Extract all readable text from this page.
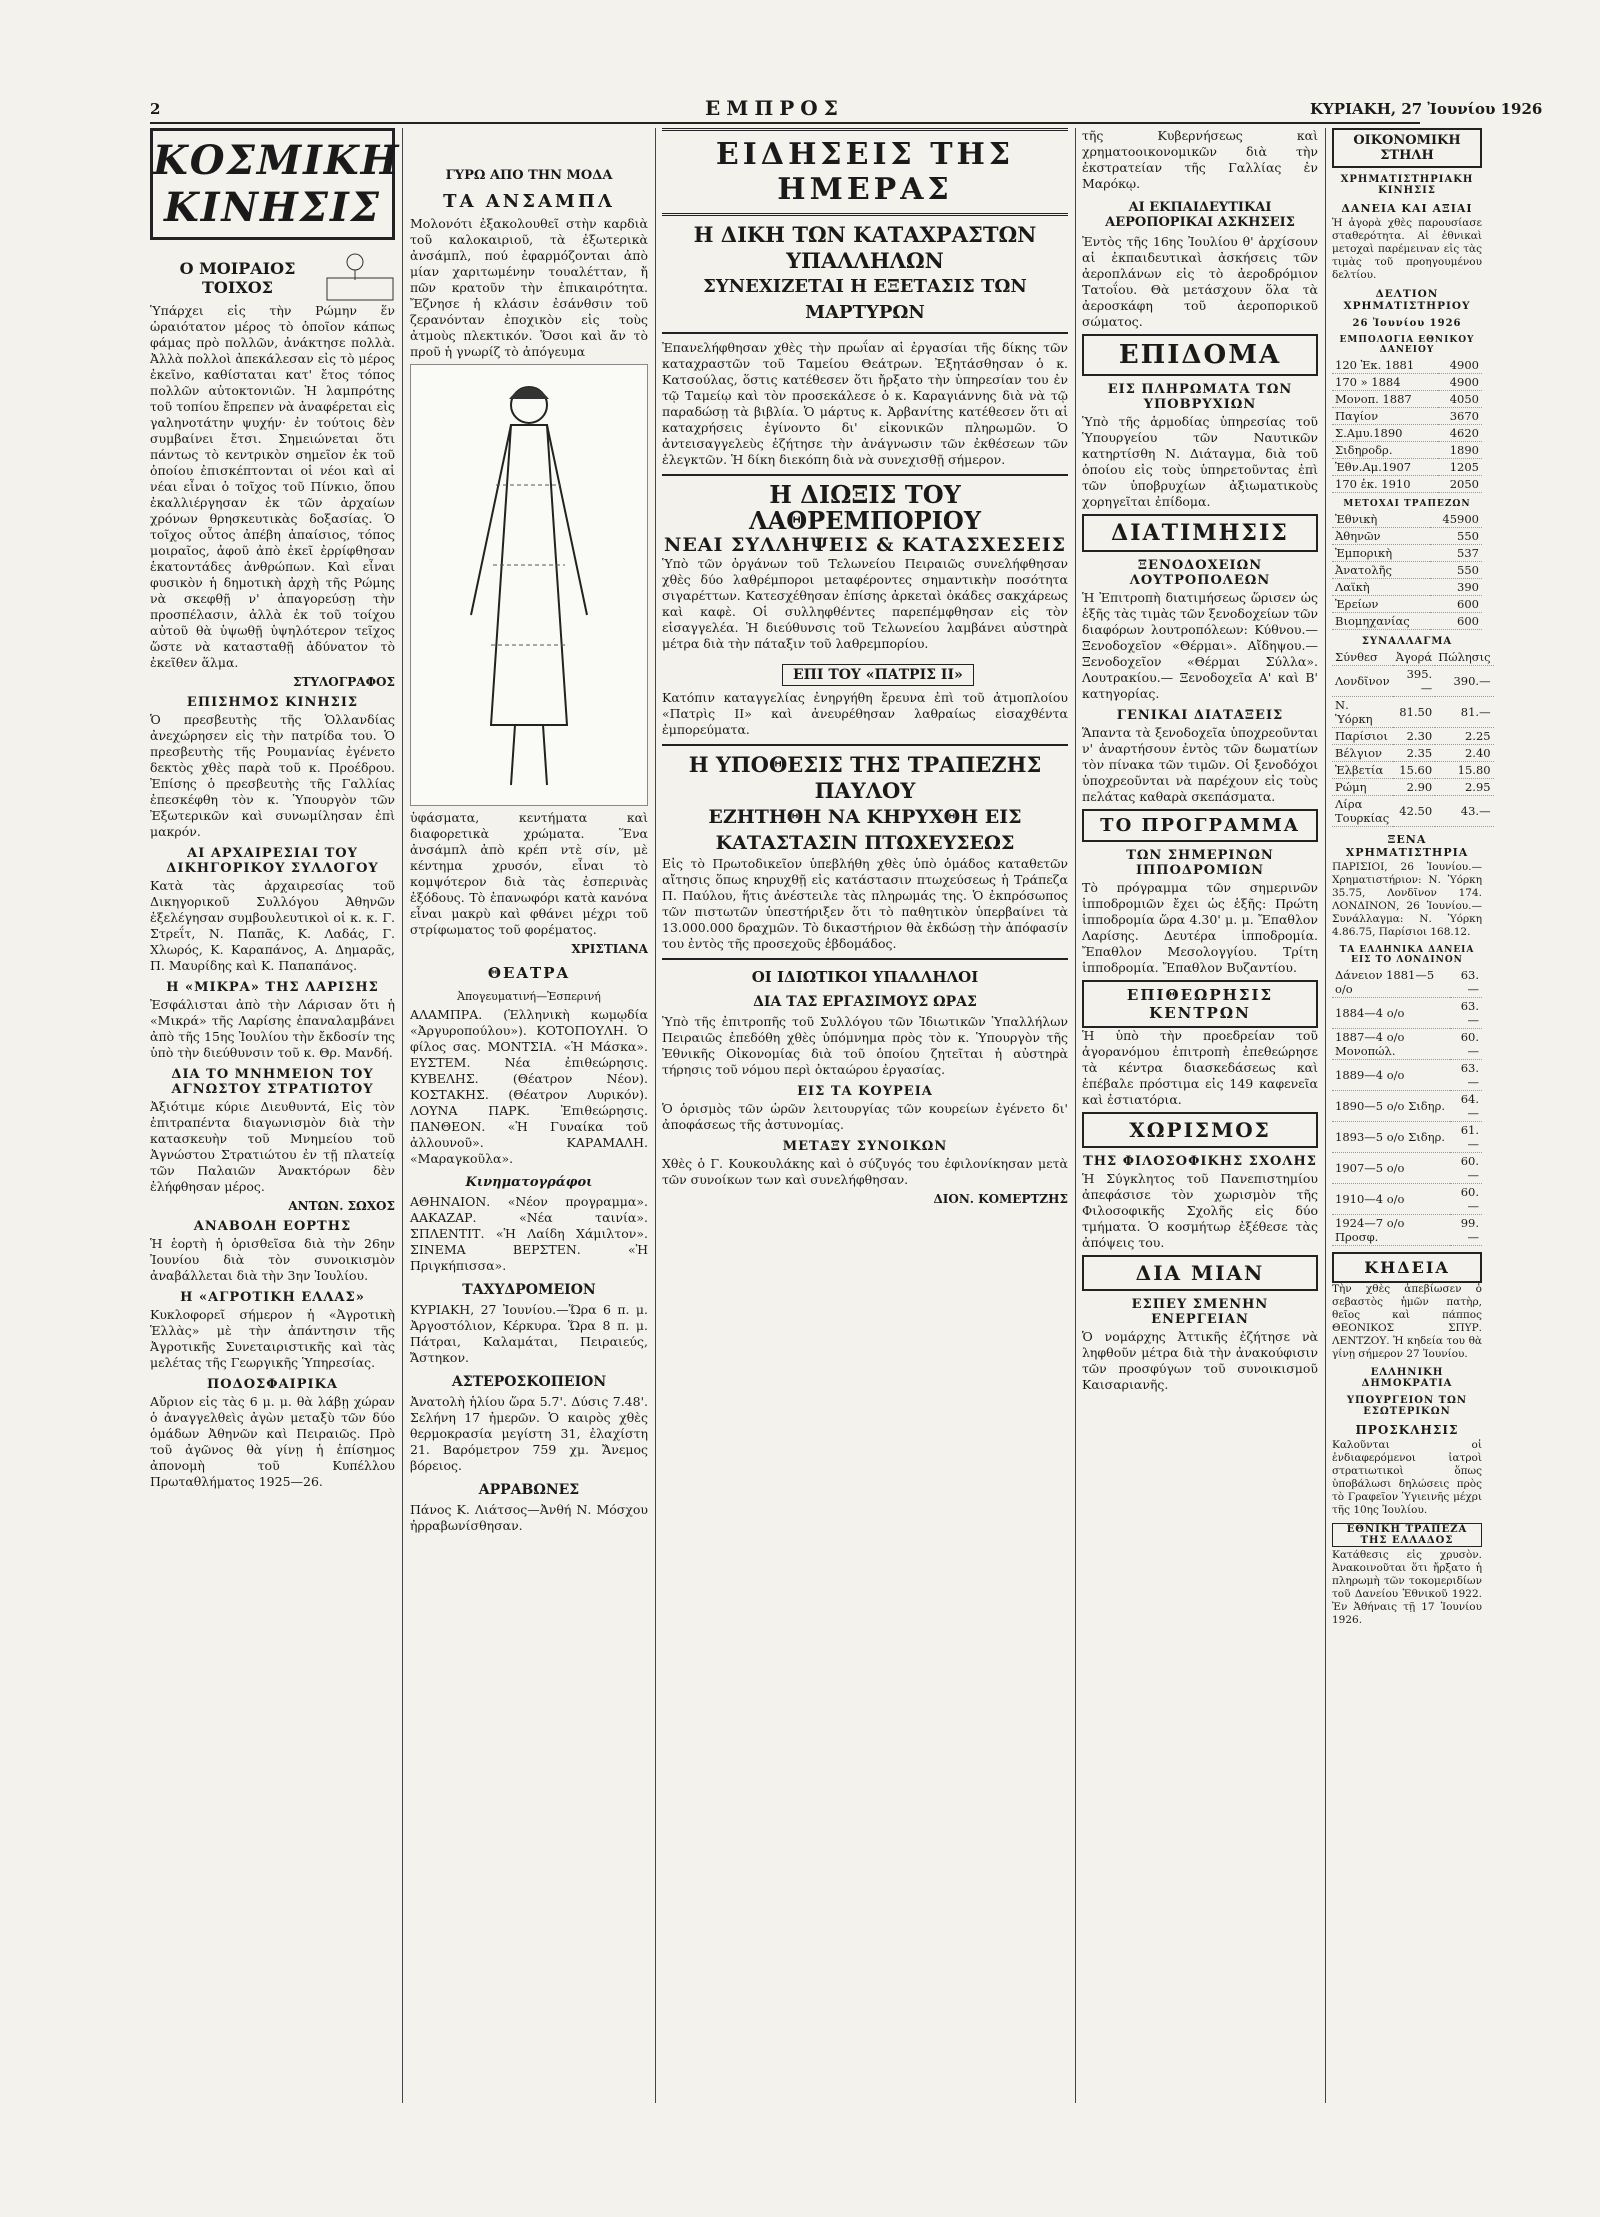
2	ΕΜΠΡΟΣ	ΚΥΡΙΑΚΗ, 27 Ἰουνίου 1926
ΚΟΣΜΙΚΗ ΚΙΝΗΣΙΣ
Ο ΜΟΙΡΑΙΟΣ ΤΟΙΧΟΣ

Ὑπάρχει εἰς τὴν Ρώμην ἕν ὡραιότατον μέρος τὸ ὁποῖον κάπως φάμας πρὸ πολλῶν, ἀνάκτησε πολλὰ. Ἀλλὰ πολλοὶ ἀπεκάλεσαν εἰς τὸ μέρος ἐκεῖνο, καθίσταται κατ' ἔτος τόπος πολλῶν αὐτοκτονιῶν. Ἡ λαμπρότης τοῦ τοπίου ἔπρεπεν νὰ ἀναφέρεται εἰς γαληνοτάτην ψυχήν· ἐν τούτοις δὲν συμβαίνει ἔτσι. Σημειώνεται ὅτι πάντως τὸ κεντρικὸν σημεῖον ἐκ τοῦ ὁποίου ἐπισκέπτονται οἱ νέοι καὶ αἱ νέαι εἶναι ὁ τοῖχος τοῦ Πίνκιο, ὅπου ἐκαλλιέργησαν ἐκ τῶν ἀρχαίων χρόνων θρησκευτικὰς δοξασίας. Ὁ τοῖχος οὗτος ἀπέβη ἀπαίσιος, τόπος μοιραῖος, ἀφοῦ ἀπὸ ἐκεῖ ἐρρίφθησαν ἑκατοντάδες ἀνθρώπων. Καὶ εἶναι φυσικὸν ἡ δημοτικὴ ἀρχὴ τῆς Ρώμης νὰ σκεφθῇ ν' ἀπαγορεύσῃ τὴν προσπέλασιν, ἀλλὰ ἐκ τοῦ τοίχου αὐτοῦ θὰ ὑψωθῇ ὑψηλότερον τεῖχος ὥστε νὰ κατασταθῇ ἀδύνατον τὸ ἐκεῖθεν ἅλμα.

ΣΤΥΛΟΓΡΑΦΟΣ
ΕΠΙΣΗΜΟΣ ΚΙΝΗΣΙΣ

Ὁ πρεσβευτὴς τῆς Ὁλλανδίας ἀνεχώρησεν εἰς τὴν πατρίδα του. Ὁ πρεσβευτὴς τῆς Ρουμανίας ἐγένετο δεκτὸς χθὲς παρὰ τοῦ κ. Προέδρου. Ἐπίσης ὁ πρεσβευτὴς τῆς Γαλλίας ἐπεσκέφθη τὸν κ. Ὑπουργὸν τῶν Ἐξωτερικῶν καὶ συνωμίλησαν ἐπὶ μακρόν.

ΑΙ ΑΡΧΑΙΡΕΣΙΑΙ ΤΟΥ ΔΙΚΗΓΟΡΙΚΟΥ ΣΥΛΛΟΓΟΥ

Κατὰ τὰς ἀρχαιρεσίας τοῦ Δικηγορικοῦ Συλλόγου Ἀθηνῶν ἐξελέγησαν συμβουλευτικοὶ οἱ κ. κ. Γ. Στρεΐτ, Ν. Παπᾶς, Κ. Λαδάς, Γ. Χλωρός, Κ. Καραπάνος, Α. Δημαρᾶς, Π. Μαυρίδης καὶ Κ. Παπαπάνος.

Η «ΜΙΚΡΑ» ΤΗΣ ΛΑΡΙΣΗΣ

Ἐσφάλισται ἀπὸ τὴν Λάρισαν ὅτι ἡ «Μικρά» τῆς Λαρίσης ἐπαναλαμβάνει ἀπὸ τῆς 15ης Ἰουλίου τὴν ἔκδοσίν της ὑπὸ τὴν διεύθυνσιν τοῦ κ. Θρ. Μανδή.

ΔΙΑ ΤΟ ΜΝΗΜΕΙΟΝ ΤΟΥ ΑΓΝΩΣΤΟΥ ΣΤΡΑΤΙΩΤΟΥ

Ἀξιότιμε κύριε Διευθυντά, Εἰς τὸν ἐπιτραπέντα διαγωνισμὸν διὰ τὴν κατασκευὴν τοῦ Μνημείου τοῦ Ἀγνώστου Στρατιώτου ἐν τῇ πλατείᾳ τῶν Παλαιῶν Ἀνακτόρων δὲν ἐλήφθησαν μέρος.

ΑΝΤΩΝ. ΣΩΧΟΣ
ΑΝΑΒΟΛΗ ΕΟΡΤΗΣ

Ἡ ἑορτὴ ἡ ὁρισθεῖσα διὰ τὴν 26ην Ἰουνίου διὰ τὸν συνοικισμὸν ἀναβάλλεται διὰ τὴν 3ην Ἰουλίου.

Η «ΑΓΡΟΤΙΚΗ ΕΛΛΑΣ»

Κυκλοφορεῖ σήμερον ἡ «Ἀγροτικὴ Ἑλλὰς» μὲ τὴν ἀπάντησιν τῆς Ἀγροτικῆς Συνεταιριστικῆς καὶ τὰς μελέτας τῆς Γεωργικῆς Ὑπηρεσίας.

ΠΟΔΟΣΦΑΙΡΙΚΑ

Αὔριον εἰς τὰς 6 μ. μ. θὰ λάβῃ χώραν ὁ ἀναγγελθεὶς ἀγὼν μεταξὺ τῶν δύο ὁμάδων Ἀθηνῶν καὶ Πειραιῶς. Πρὸ τοῦ ἀγῶνος θὰ γίνῃ ἡ ἐπίσημος ἀπονομὴ τοῦ Κυπέλλου Πρωταθλήματος 1925—26.

ΓΥΡΩ ΑΠΟ ΤΗΝ ΜΟΔΑ
ΤΑ ΑΝΣΑΜΠΛ

Μολονότι ἐξακολουθεῖ στὴν καρδιὰ τοῦ καλοκαιριοῦ, τὰ ἐξωτερικὰ ἀνσάμπλ, πού ἐφαρμόζονται ἀπὸ μίαν χαριτωμένην τουαλέτταν, ἤ πῶν κρατοῦν τὴν ἐπικαιρότητα. Ἔζνησε ἡ κλάσιν ἐσάνθσιν τοῦ ζερανόνταν ἐποχικὸν εἰς τοὺς ἀτμοὺς πλεκτικόν. Ὅσοι καὶ ἄν τὸ προῦ ἡ γνωρίζ τὸ ἀπόγευμα

ὑφάσματα, κεντήματα καὶ διαφορετικὰ χρώματα. Ἕνα ἀνσάμπλ ἀπὸ κρέπ ντὲ σίν, μὲ κέντημα χρυσόν, εἶναι τὸ κομψότερον διὰ τὰς ἐσπερινὰς ἐξόδους. Τὸ ἐπανωφόρι κατὰ κανόνα εἶναι μακρὺ καὶ φθάνει μέχρι τοῦ στρίφωματος τοῦ φορέματος.

ΧΡΙΣΤΙΑΝΑ
ΘΕΑΤΡΑ
Ἀπογευματινή—Ἑσπερινή

ΑΛΑΜΠΡΑ. (Ἑλληνικὴ κωμῳδία «Ἀργυροπούλου»). ΚΟΤΟΠΟΥΛΗ. Ὁ φίλος σας. ΜΟΝΤΣΙΑ. «Ἡ Μάσκα». ΕΥΣΤΕΜ. Νέα ἐπιθεώρησις. ΚΥΒΕΛΗΣ. (Θέατρον Νέον). ΚΟΣΤΑΚΗΣ. (Θέατρον Λυρικόν). ΛΟΥΝΑ ΠΑΡΚ. Ἐπιθεώρησις. ΠΑΝΘΕΟΝ. «Ἡ Γυναίκα τοῦ ἀλλουνοῦ». ΚΑΡΑΜΑΛΗ. «Μαραγκοῦλα».

Κινηματογράφοι

ΑΘΗΝΑΙΟΝ. «Νέον προγραμμα». ΑΑΚΑΖΑΡ. «Νέα ταινία». ΣΠΛΕΝΤΙΤ. «Ἡ Λαίδη Χάμιλτον». ΣΙΝΕΜΑ ΒΕΡΣΤΕΝ. «Ἡ Πριγκήπισσα».

ΤΑΧΥΔΡΟΜΕΙΟΝ

ΚΥΡΙΑΚΗ, 27 Ἰουνίου.—Ὥρα 6 π. μ. Ἀργοστόλιον, Κέρκυρα. Ὥρα 8 π. μ. Πάτραι, Καλαμάται, Πειραιεύς, Ἄστηκον.

ΑΣΤΕΡΟΣΚΟΠΕΙΟΝ

Ἀνατολὴ ἡλίου ὥρα 5.7'. Δύσις 7.48'. Σελήνη 17 ἡμερῶν. Ὁ καιρὸς χθὲς θερμοκρασία μεγίστη 31, ἐλαχίστη 21. Βαρόμετρον 759 χμ. Ἄνεμος βόρειος.

ΑΡΡΑΒΩΝΕΣ

Πάνος Κ. Λιάτσος—Ἀνθή Ν. Μόσχου ἠρραβωνίσθησαν.

ΕΙΔΗΣΕΙΣ ΤΗΣ ΗΜΕΡΑΣ
Η ΔΙΚΗ ΤΩΝ ΚΑΤΑΧΡΑΣΤΩΝ ΥΠΑΛΛΗΛΩΝ
ΣΥΝΕΧΙΖΕΤΑΙ Η ΕΞΕΤΑΣΙΣ ΤΩΝ ΜΑΡΤΥΡΩΝ

Ἐπανελήφθησαν χθὲς τὴν πρωΐαν αἱ ἐργασίαι τῆς δίκης τῶν καταχραστῶν τοῦ Ταμείου Θεάτρων. Ἐξητάσθησαν ὁ κ. Κατσούλας, ὅστις κατέθεσεν ὅτι ἤρξατο τὴν ὑπηρεσίαν του ἐν τῷ Ταμείῳ καὶ τὸν προσεκάλεσε ὁ κ. Καραγιάννης διὰ νὰ τῷ παραδώσῃ τὰ βιβλία. Ὁ μάρτυς κ. Ἀρβανίτης κατέθεσεν ὅτι αἱ καταχρήσεις ἐγίνοντο δι' εἰκονικῶν πληρωμῶν. Ὁ ἀντεισαγγελεὺς ἐζήτησε τὴν ἀνάγνωσιν τῶν ἐκθέσεων τῶν ἐλεγκτῶν. Ἡ δίκη διεκόπη διὰ νὰ συνεχισθῇ σήμερον.

Η ΔΙΩΞΙΣ ΤΟΥ ΛΑΘΡΕΜΠΟΡΙΟΥ
ΝΕΑΙ ΣΥΛΛΗΨΕΙΣ & ΚΑΤΑΣΧΕΣΕΙΣ

Ὑπὸ τῶν ὀργάνων τοῦ Τελωνείου Πειραιῶς συνελήφθησαν χθὲς δύο λαθρέμποροι μεταφέροντες σημαντικὴν ποσότητα σιγαρέττων. Κατεσχέθησαν ἐπίσης ἀρκεταὶ ὀκάδες σακχάρεως καὶ καφὲ. Οἱ συλληφθέντες παρεπέμφθησαν εἰς τὸν εἰσαγγελέα. Ἡ διεύθυνσις τοῦ Τελωνείου λαμβάνει αὐστηρὰ μέτρα διὰ τὴν πάταξιν τοῦ λαθρεμπορίου.

ΕΠΙ ΤΟΥ «ΠΑΤΡΙΣ ΙΙ»

Κατόπιν καταγγελίας ἐνηργήθη ἔρευνα ἐπὶ τοῦ ἀτμοπλοίου «Πατρὶς ΙΙ» καὶ ἀνευρέθησαν λαθραίως εἰσαχθέντα ἐμπορεύματα.

Η ΥΠΟΘΕΣΙΣ ΤΗΣ ΤΡΑΠΕΖΗΣ ΠΑΥΛΟΥ
ΕΖΗΤΗΘΗ ΝΑ ΚΗΡΥΧΘΗ ΕΙΣ ΚΑΤΑΣΤΑΣΙΝ ΠΤΩΧΕΥΣΕΩΣ

Εἰς τὸ Πρωτοδικεῖον ὑπεβλήθη χθὲς ὑπὸ ὁμάδος καταθετῶν αἴτησις ὅπως κηρυχθῇ εἰς κατάστασιν πτωχεύσεως ἡ Τράπεζα Π. Παύλου, ἥτις ἀνέστειλε τὰς πληρωμάς της. Ὁ ἐκπρόσωπος τῶν πιστωτῶν ὑπεστήριξεν ὅτι τὸ παθητικὸν ὑπερβαίνει τὰ 13.000.000 δραχμῶν. Τὸ δικαστήριον θὰ ἐκδώσῃ τὴν ἀπόφασίν του ἐντὸς τῆς προσεχοῦς ἑβδομάδος.

ΟΙ ΙΔΙΩΤΙΚΟΙ ΥΠΑΛΛΗΛΟΙ
ΔΙΑ ΤΑΣ ΕΡΓΑΣΙΜΟΥΣ ΩΡΑΣ

Ὑπὸ τῆς ἐπιτροπῆς τοῦ Συλλόγου τῶν Ἰδιωτικῶν Ὑπαλλήλων Πειραιῶς ἐπεδόθη χθὲς ὑπόμνημα πρὸς τὸν κ. Ὑπουργὸν τῆς Ἐθνικῆς Οἰκονομίας διὰ τοῦ ὁποίου ζητεῖται ἡ αὐστηρὰ τήρησις τοῦ νόμου περὶ ὀκταώρου ἐργασίας.

ΕΙΣ ΤΑ ΚΟΥΡΕΙΑ

Ὁ ὁρισμὸς τῶν ὡρῶν λειτουργίας τῶν κουρείων ἐγένετο δι' ἀποφάσεως τῆς ἀστυνομίας.

ΜΕΤΑΞΥ ΣΥΝΟΙΚΩΝ

Χθὲς ὁ Γ. Κουκουλάκης καὶ ὁ σύζυγός του ἐφιλονίκησαν μετὰ τῶν συνοίκων των καὶ συνελήφθησαν.

ΔΙΟΝ. ΚΟΜΕΡΤΖΗΣ

τῆς Κυβερνήσεως καὶ χρηματοοικονομικῶν διὰ τὴν ἐκστρατείαν τῆς Γαλλίας ἐν Μαρόκῳ.

ΑΙ ΕΚΠΑΙΔΕΥΤΙΚΑΙ ΑΕΡΟΠΟΡΙΚΑΙ ΑΣΚΗΣΕΙΣ

Ἐντὸς τῆς 16ης Ἰουλίου θ' ἀρχίσουν αἱ ἐκπαιδευτικαὶ ἀσκήσεις τῶν ἀεροπλάνων εἰς τὸ ἀεροδρόμιον Τατοΐου. Θὰ μετάσχουν ὅλα τὰ ἀεροσκάφη τοῦ ἀεροπορικοῦ σώματος.

ΕΠΙΔΟΜΑ
ΕΙΣ ΠΛΗΡΩΜΑΤΑ ΤΩΝ ΥΠΟΒΡΥΧΙΩΝ

Ὑπὸ τῆς ἁρμοδίας ὑπηρεσίας τοῦ Ὑπουργείου τῶν Ναυτικῶν κατηρτίσθη Ν. Διάταγμα, διὰ τοῦ ὁποίου εἰς τοὺς ὑπηρετοῦντας ἐπὶ τῶν ὑποβρυχίων ἀξιωματικοὺς χορηγεῖται ἐπίδομα.

ΔΙΑΤΙΜΗΣΙΣ
ΞΕΝΟΔΟΧΕΙΩΝ ΛΟΥΤΡΟΠΟΛΕΩΝ

Ἡ Ἐπιτροπὴ διατιμήσεως ὥρισεν ὡς ἑξῆς τὰς τιμὰς τῶν ξενοδοχείων τῶν διαφόρων λουτροπόλεων: Κύθνου.— Ξενοδοχεῖον «Θέρμαι». Αἴδηψου.— Ξενοδοχεῖον «Θέρμαι Σύλλα». Λουτρακίου.— Ξενοδοχεῖα Α' καὶ Β' κατηγορίας.

ΓΕΝΙΚΑΙ ΔΙΑΤΑΞΕΙΣ

Ἅπαντα τὰ ξενοδοχεῖα ὑποχρεοῦνται ν' ἀναρτήσουν ἐντὸς τῶν δωματίων τὸν πίνακα τῶν τιμῶν. Οἱ ξενοδόχοι ὑποχρεοῦνται νὰ παρέχουν εἰς τοὺς πελάτας καθαρὰ σκεπάσματα.

ΤΟ ΠΡΟΓΡΑΜΜΑ
ΤΩΝ ΣΗΜΕΡΙΝΩΝ ΙΠΠΟΔΡΟΜΙΩΝ

Τὸ πρόγραμμα τῶν σημερινῶν ἱπποδρομιῶν ἔχει ὡς ἑξῆς: Πρώτη ἱπποδρομία ὥρα 4.30' μ. μ. Ἔπαθλον Λαρίσης. Δευτέρα ἱπποδρομία. Ἔπαθλον Μεσολογγίου. Τρίτη ἱπποδρομία. Ἔπαθλον Βυζαντίου.

ΕΠΙΘΕΩΡΗΣΙΣ ΚΕΝΤΡΩΝ

Ἡ ὑπὸ τὴν προεδρείαν τοῦ ἀγορανόμου ἐπιτροπὴ ἐπεθεώρησε τὰ κέντρα διασκεδάσεως καὶ ἐπέβαλε πρόστιμα εἰς 149 καφενεῖα καὶ ἐστιατόρια.

ΧΩΡΙΣΜΟΣ
ΤΗΣ ΦΙΛΟΣΟΦΙΚΗΣ ΣΧΟΛΗΣ

Ἡ Σύγκλητος τοῦ Πανεπιστημίου ἀπεφάσισε τὸν χωρισμὸν τῆς Φιλοσοφικῆς Σχολῆς εἰς δύο τμήματα. Ὁ κοσμήτωρ ἐξέθεσε τὰς ἀπόψεις του.

ΔΙΑ ΜΙΑΝ
ΕΣΠΕΥ ΣΜΕΝΗΝ ΕΝΕΡΓΕΙΑΝ

Ὁ νομάρχης Ἀττικῆς ἐζήτησε νὰ ληφθοῦν μέτρα διὰ τὴν ἀνακούφισιν τῶν προσφύγων τοῦ συνοικισμοῦ Καισαριανῆς.

ΟΙΚΟΝΟΜΙΚΗ ΣΤΗΛΗ
ΧΡΗΜΑΤΙΣΤΗΡΙΑΚΗ ΚΙΝΗΣΙΣ
ΔΑΝΕΙΑ ΚΑΙ ΑΞΙΑΙ

Ἡ ἀγορὰ χθὲς παρουσίασε σταθερότητα. Αἱ ἐθνικαὶ μετοχαὶ παρέμειναν εἰς τὰς τιμὰς τοῦ προηγουμένου δελτίου.

ΔΕΛΤΙΟΝ ΧΡΗΜΑΤΙΣΤΗΡΙΟΥ
26 Ἰουνίου 1926
ΕΜΠΟΛΟΓΙΑ ΕΘΝΙΚΟΥ ΔΑΝΕΙΟΥ
120 Ἐκ. 1881	4900
170 » 1884	4900
Μονοπ. 1887	4050
Παγίον	3670
Σ.Αμυ.1890	4620
Σιδηροδρ.	1890
Ἐθν.Αμ.1907	1205
170 ἐκ. 1910	2050
ΜΕΤΟΧΑΙ ΤΡΑΠΕΖΩΝ
Ἐθνικὴ	45900
Ἀθηνῶν	550
Ἐμπορικὴ	537
Ἀνατολῆς	550
Λαϊκὴ	390
Ἐρείων	600
Βιομηχανίας	600
ΣΥΝΑΛΛΑΓΜΑ
Σύνθεσ	Ἀγορά	Πώλησις
Λονδῖνον	395.—	390.—
Ν. Ὑόρκη	81.50	81.—
Παρίσιοι	2.30	2.25
Βέλγιον	2.35	2.40
Ἑλβετία	15.60	15.80
Ρώμη	2.90	2.95
Λίρα Τουρκίας	42.50	43.—
ΞΕΝΑ ΧΡΗΜΑΤΙΣΤΗΡΙΑ

ΠΑΡΙΣΙΟΙ, 26 Ἰουνίου.— Χρηματιστήριον: Ν. Ὑόρκη 35.75, Λονδῖνον 174. ΛΟΝΔΙΝΟΝ, 26 Ἰουνίου.— Συνάλλαγμα: Ν. Ὑόρκη 4.86.75, Παρίσιοι 168.12.

ΤΑ ΕΛΛΗΝΙΚΑ ΔΑΝΕΙΑ ΕΙΣ ΤΟ ΛΟΝΔΙΝΟΝ
Δάνειον 1881—5 ο/ο	63.—
1884—4 ο/ο	63.—
1887—4 ο/ο Μονοπώλ.	60.—
1889—4 ο/ο	63.—
1890—5 ο/ο Σιδηρ.	64.—
1893—5 ο/ο Σιδηρ.	61.—
1907—5 ο/ο	60.—
1910—4 ο/ο	60.—
1924—7 ο/ο Προσφ.	99.—
ΚΗΔΕΙΑ

Τὴν χθὲς ἀπεβίωσεν ὁ σεβαστὸς ἡμῶν πατὴρ, θεῖος καὶ πάππος ΘΕΟΝΙΚΟΣ ΣΠΥΡ. ΛΕΝΤΖΟΥ. Ἡ κηδεία του θὰ γίνῃ σήμερον 27 Ἰουνίου.

ΕΛΛΗΝΙΚΗ ΔΗΜΟΚΡΑΤΙΑ
ΥΠΟΥΡΓΕΙΟΝ ΤΩΝ ΕΣΩΤΕΡΙΚΩΝ
ΠΡΟΣΚΛΗΣΙΣ

Καλοῦνται οἱ ἐνδιαφερόμενοι ἰατροὶ στρατιωτικοὶ ὅπως ὑποβάλωσι δηλώσεις πρὸς τὸ Γραφεῖον Ὑγιεινῆς μέχρι τῆς 10ης Ἰουλίου.

ΕΘΝΙΚΗ ΤΡΑΠΕΖΑ ΤΗΣ ΕΛΛΑΔΟΣ

Κατάθεσις εἰς χρυσὸν. Ἀνακοινοῦται ὅτι ἤρξατο ἡ πληρωμὴ τῶν τοκομεριδίων τοῦ Δανείου Ἐθνικοῦ 1922. Ἐν Ἀθήναις τῇ 17 Ἰουνίου 1926.
